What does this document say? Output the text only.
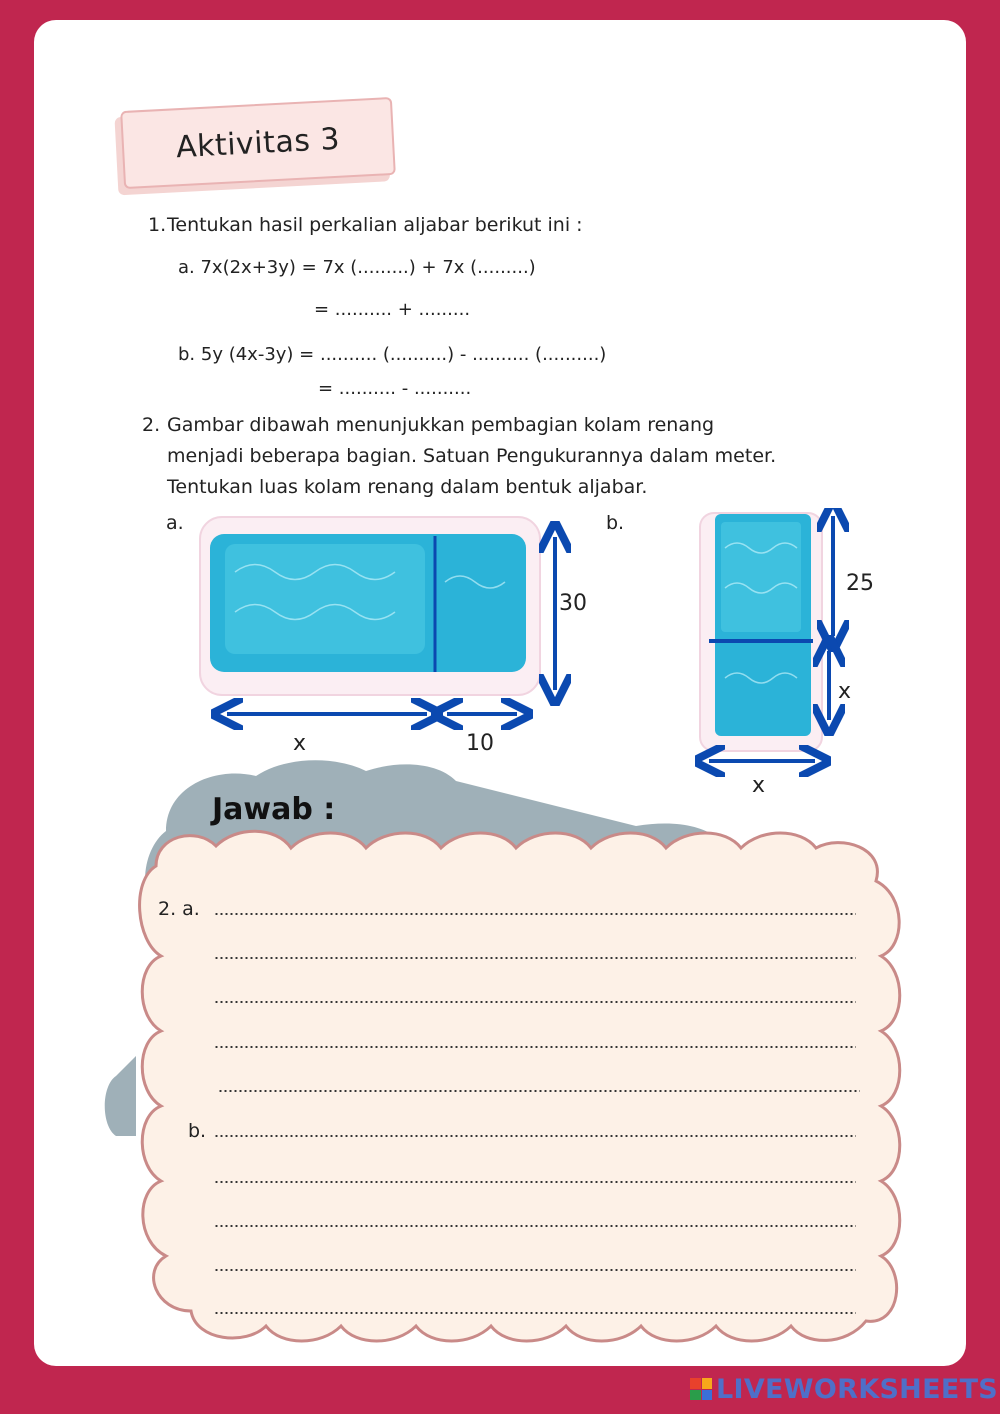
Aktivitas 3
1. Tentukan hasil perkalian aljabar berikut ini :
a. 7x(2x+3y) = 7x (.........) + 7x (.........)
= .......... + .........
b. 5y (4x-3y) = .......... (..........) - .......... (..........)
= .......... - ..........
2. Gambar dibawah menunjukkan pembagian kolam renang
menjadi beberapa bagian. Satuan Pengukurannya dalam meter.
Tentukan luas kolam renang dalam bentuk aljabar.
a.	b.
30
x	10
25
x
x
Jawab :
2. a.
b.
LIVEWORKSHEETS
